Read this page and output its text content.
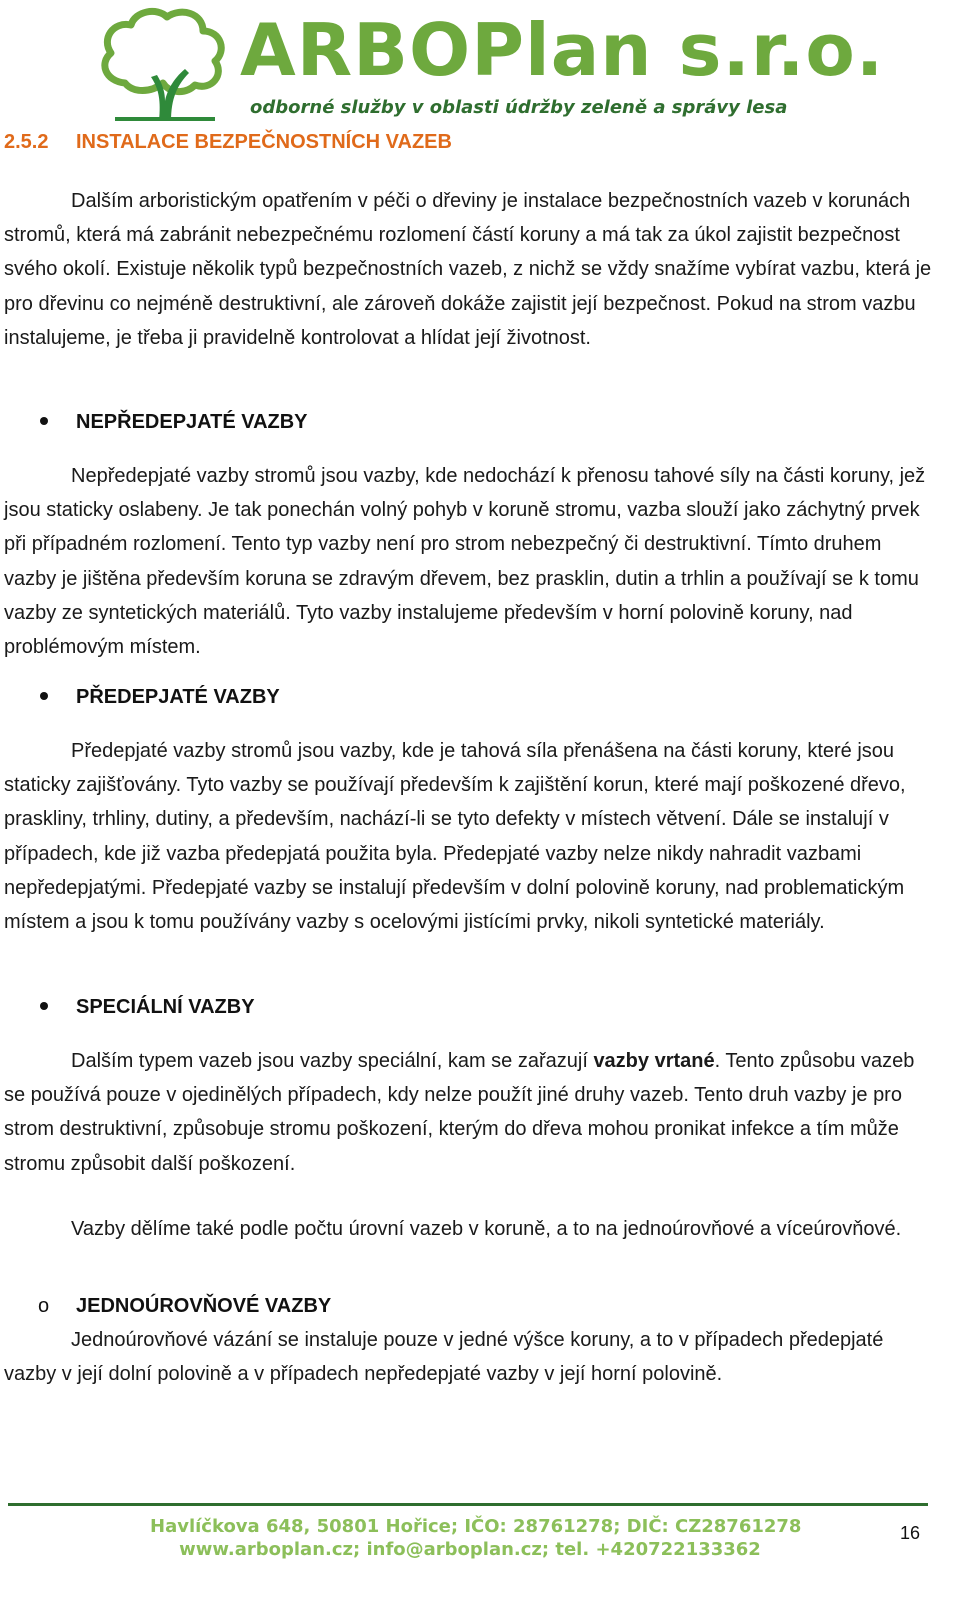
ARBOPlan s.r.o.
odborné služby v oblasti údržby zeleně a správy lesa
2.5.2 INSTALACE BEZPEČNOSTNÍCH VAZEB

Dalším arboristickým opatřením v péči o dřeviny je instalace bezpečnostních vazeb v korunách stromů, která má zabránit nebezpečnému rozlomení částí koruny a má tak za úkol zajistit bezpečnost svého okolí. Existuje několik typů bezpečnostních vazeb, z nichž se vždy snažíme vybírat vazbu, která je pro dřevinu co nejméně destruktivní, ale zároveň dokáže zajistit její bezpečnost. Pokud na strom vazbu instalujeme, je třeba ji pravidelně kontrolovat a hlídat její životnost.

NEPŘEDEPJATÉ VAZBY

Nepředepjaté vazby stromů jsou vazby, kde nedochází k přenosu tahové síly na části koruny, jež jsou staticky oslabeny. Je tak ponechán volný pohyb v koruně stromu, vazba slouží jako záchytný prvek při případném rozlomení. Tento typ vazby není pro strom nebezpečný či destruktivní. Tímto druhem vazby je jištěna především koruna se zdravým dřevem, bez prasklin, dutin a trhlin a používají se k tomu vazby ze syntetických materiálů. Tyto vazby instalujeme především v horní polovině koruny, nad problémovým místem.

PŘEDEPJATÉ VAZBY

Předepjaté vazby stromů jsou vazby, kde je tahová síla přenášena na části koruny, které jsou staticky zajišťovány. Tyto vazby se používají především k zajištění korun, které mají poškozené dřevo, praskliny, trhliny, dutiny, a především, nachází-li se tyto defekty v místech větvení. Dále se instalují v případech, kde již vazba předepjatá použita byla. Předepjaté vazby nelze nikdy nahradit vazbami nepředepjatými. Předepjaté vazby se instalují především v dolní polovině koruny, nad problematickým místem a jsou k tomu používány vazby s ocelovými jistícími prvky, nikoli syntetické materiály.

SPECIÁLNÍ VAZBY

Dalším typem vazeb jsou vazby speciální, kam se zařazují vazby vrtané. Tento způsobu vazeb se používá pouze v ojedinělých případech, kdy nelze použít jiné druhy vazeb. Tento druh vazby je pro strom destruktivní, způsobuje stromu poškození, kterým do dřeva mohou pronikat infekce a tím může stromu způsobit další poškození.

Vazby dělíme také podle počtu úrovní vazeb v koruně, a to na jednoúrovňové a víceúrovňové.

o JEDNOÚROVŇOVÉ VAZBY

Jednoúrovňové vázání se instaluje pouze v jedné výšce koruny, a to v případech předepjaté vazby v její dolní polovině a v případech nepředepjaté vazby v její horní polovině.

Havlíčkova 648, 50801 Hořice; IČO: 28761278; DIČ: CZ28761278
www.arboplan.cz; info@arboplan.cz; tel. +420722133362
16
